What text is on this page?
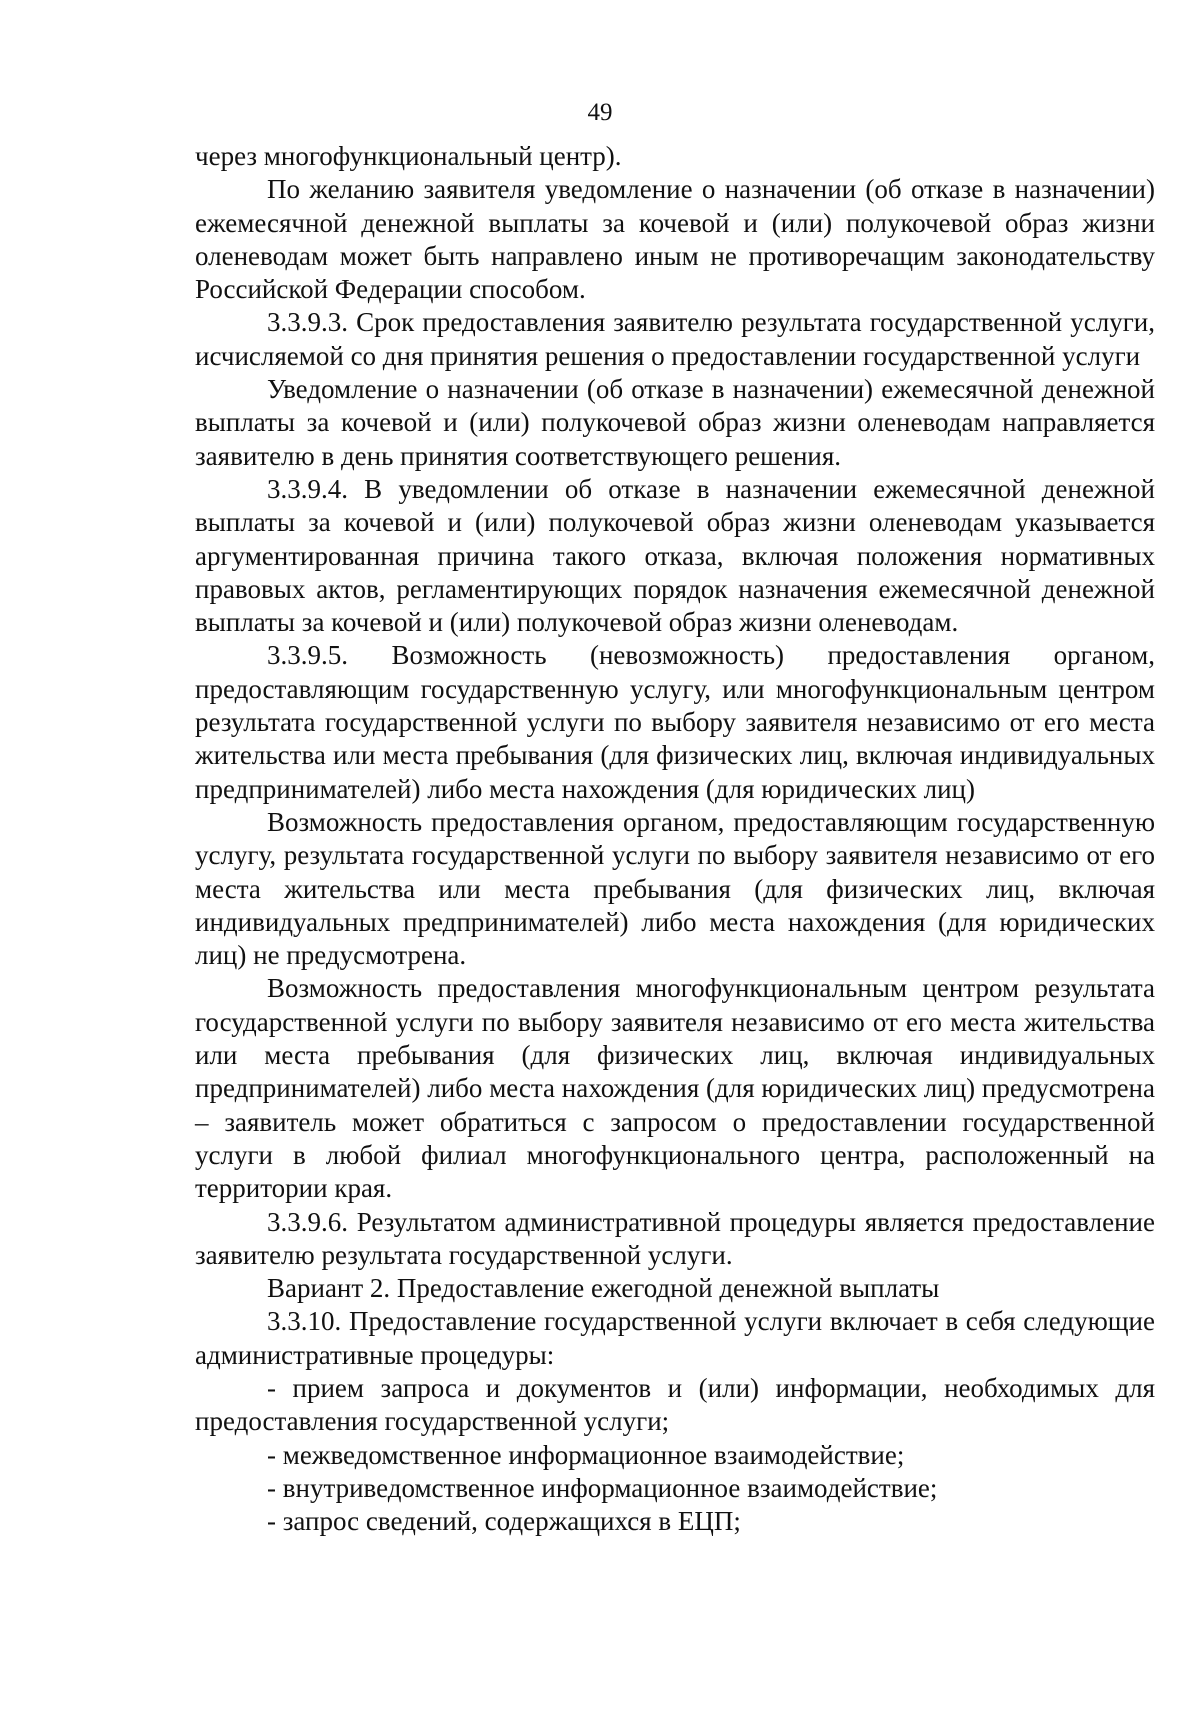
49

через многофункциональный центр).

По желанию заявителя уведомление о назначении (об отказе в назначении) ежемесячной денежной выплаты за кочевой и (или) полукочевой образ жизни оленеводам может быть направлено иным не противоречащим законодательству Российской Федерации способом.

3.3.9.3. Срок предоставления заявителю результата государственной услуги, исчисляемой со дня принятия решения о предоставлении государственной услуги

Уведомление о назначении (об отказе в назначении) ежемесячной денежной выплаты за кочевой и (или) полукочевой образ жизни оленеводам направляется заявителю в день принятия соответствующего решения.

3.3.9.4. В уведомлении об отказе в назначении ежемесячной денежной выплаты за кочевой и (или) полукочевой образ жизни оленеводам указывается аргументированная причина такого отказа, включая положения нормативных правовых актов, регламентирующих порядок назначения ежемесячной денежной выплаты за кочевой и (или) полукочевой образ жизни оленеводам.

3.3.9.5. Возможность (невозможность) предоставления органом, предоставляющим государственную услугу, или многофункциональным центром результата государственной услуги по выбору заявителя независимо от его места жительства или места пребывания (для физических лиц, включая индивидуальных предпринимателей) либо места нахождения (для юридических лиц)

Возможность предоставления органом, предоставляющим государственную услугу, результата государственной услуги по выбору заявителя независимо от его места жительства или места пребывания (для физических лиц, включая индивидуальных предпринимателей) либо места нахождения (для юридических лиц) не предусмотрена.

Возможность предоставления многофункциональным центром результата государственной услуги по выбору заявителя независимо от его места жительства или места пребывания (для физических лиц, включая индивидуальных предпринимателей) либо места нахождения (для юридических лиц) предусмотрена – заявитель может обратиться с запросом о предоставлении государственной услуги в любой филиал многофункционального центра, расположенный на территории края.

3.3.9.6. Результатом административной процедуры является предоставление заявителю результата государственной услуги.

Вариант 2. Предоставление ежегодной денежной выплаты

3.3.10. Предоставление государственной услуги включает в себя следующие административные процедуры:

- прием запроса и документов и (или) информации, необходимых для предоставления государственной услуги;

- межведомственное информационное взаимодействие;

- внутриведомственное информационное взаимодействие;

- запрос сведений, содержащихся в ЕЦП;
